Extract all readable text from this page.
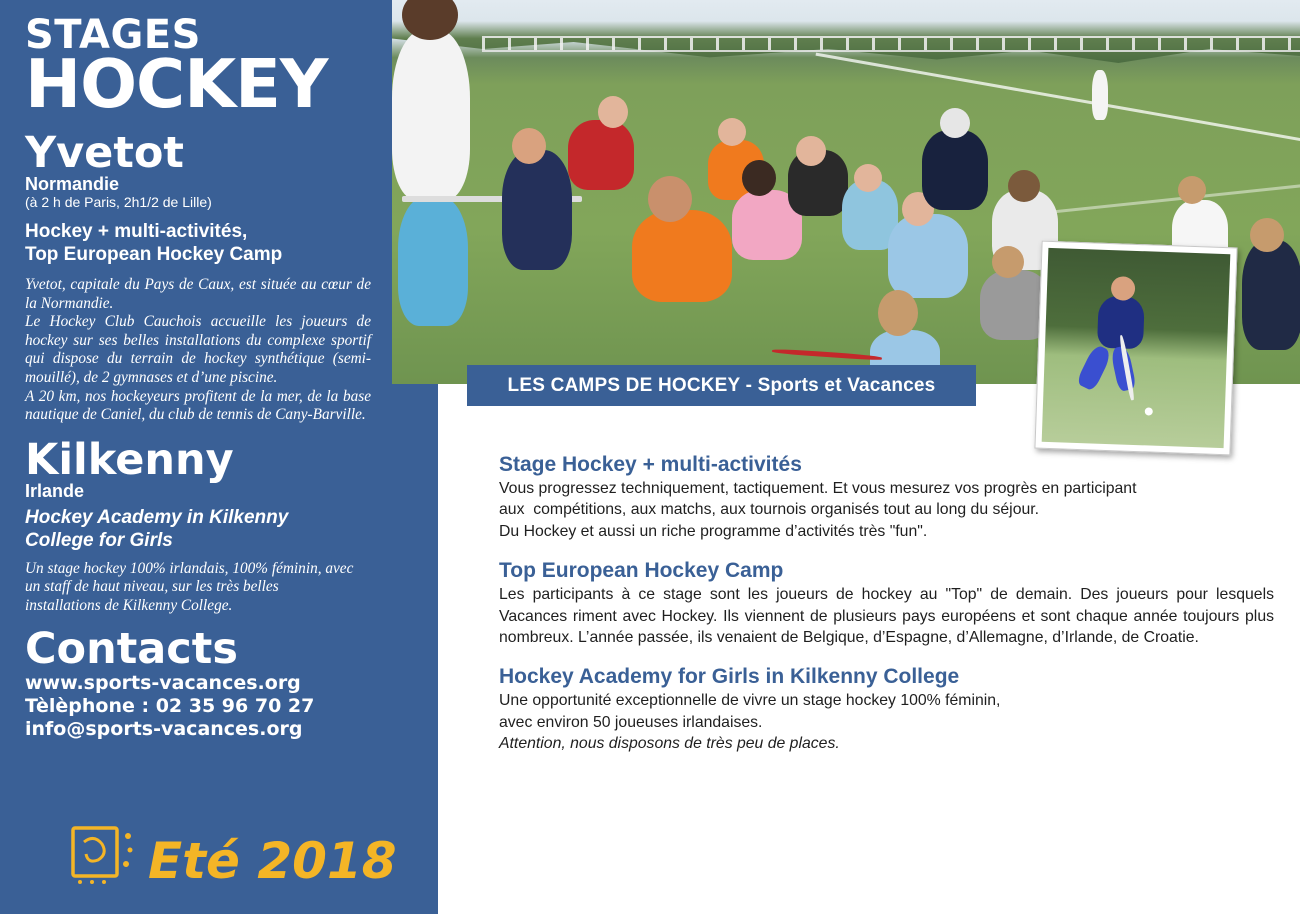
STAGES
HOCKEY
Yvetot
Normandie
(à 2 h de Paris, 2h1/2 de Lille)
Hockey + multi-activités,
Top European Hockey Camp

Yvetot, capitale du Pays de Caux, est située au cœur de la Normandie.

Le Hockey Club Cauchois accueille les joueurs de hockey sur ses belles installations du complexe sportif qui dispose du terrain de hockey synthétique (semi-mouillé), de 2 gymnases et d’une piscine.

A 20 km, nos hockeyeurs profitent de la mer, de la base nautique de Caniel, du club de tennis de Cany-Barville.

Kilkenny
Irlande
Hockey Academy in Kilkenny
College for Girls
Un stage hockey 100% irlandais, 100% féminin, avec un staff de haut niveau, sur les très belles installations de Kilkenny College.
Contacts
www.sports-vacances.org
Tèlèphone : 02 35 96 70 27
info@sports-vacances.org
Eté 2018
LES CAMPS DE HOCKEY - Sports et Vacances
Stage Hockey + multi-activités

Vous progressez techniquement, tactiquement. Et vous mesurez vos progrès en participant

aux  compétitions, aux matchs, aux tournois organisés tout au long du séjour.

Du Hockey et aussi un riche programme d’activités très "fun".

Top European Hockey Camp
Les participants à ce stage sont les joueurs de hockey au "Top" de demain. Des joueurs pour lesquels Vacances riment avec Hockey. Ils viennent de plusieurs pays européens et sont chaque année toujours plus nombreux. L’année passée, ils venaient de Belgique, d’Espagne, d’Allemagne, d’Irlande, de Croatie.
Hockey Academy for Girls in Kilkenny College

Une opportunité exceptionnelle de vivre un stage hockey 100% féminin,

avec environ 50 joueuses irlandaises.

Attention, nous disposons de très peu de places.
